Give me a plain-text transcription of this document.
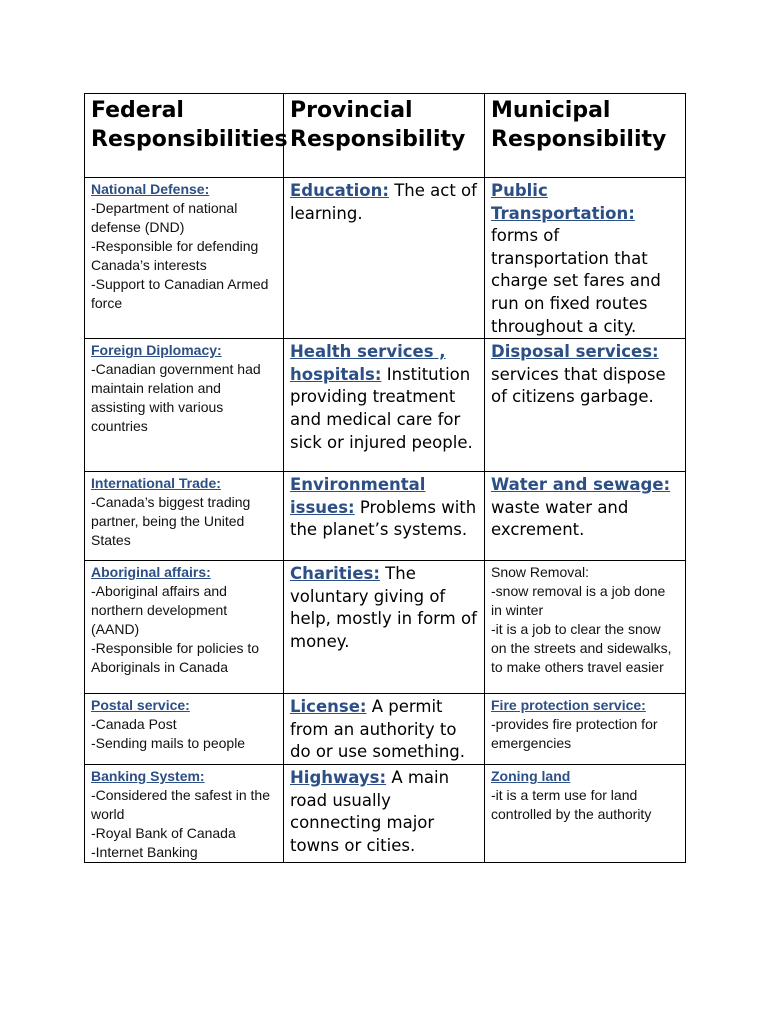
Federal Responsibilities	Provincial Responsibility	Municipal Responsibility

National Defense:
-Department of national defense (DND)
-Responsible for defending Canada’s interests
-Support to Canadian Armed force	Education: The act of learning.	Public Transportation: forms of transportation that charge set fares and run on fixed routes throughout a city.

Foreign Diplomacy:
-Canadian government had maintain relation and assisting with various countries	Health services , hospitals: Institution providing treatment and medical care for sick or injured people.	Disposal services: services that dispose of citizens garbage.

International Trade:
-Canada’s biggest trading partner, being the United States	Environmental issues: Problems with the planet’s systems.	Water and sewage: waste water and excrement.

Aboriginal affairs:
-Aboriginal affairs and northern development (AAND)
-Responsible for policies to Aboriginals in Canada	Charities: The voluntary giving of help, mostly in form of money.	Snow Removal:
-snow removal is a job done in winter
-it is a job to clear the snow on the streets and sidewalks, to make others travel easier

Postal service:
-Canada Post
-Sending mails to people	License: A permit from an authority to do or use something.	Fire protection service:
-provides fire protection for emergencies

Banking System:
-Considered the safest in the world
-Royal Bank of Canada
-Internet Banking	Highways: A main road usually connecting major towns or cities.	Zoning land
-it is a term use for land controlled by the authority
